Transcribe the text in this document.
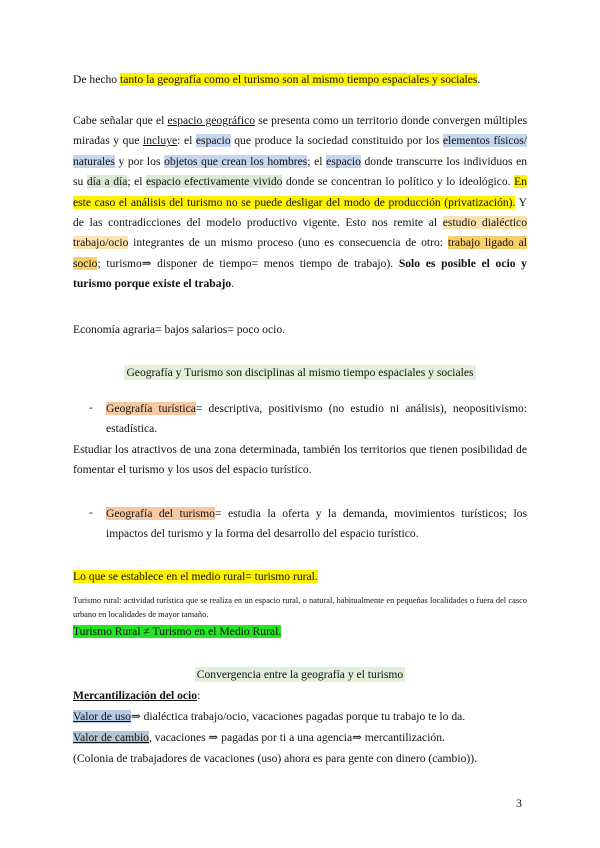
De hecho tanto la geografía como el turismo son al mismo tiempo espaciales y sociales.

Cabe señalar que el espacio geográfico se presenta como un territorio donde convergen múltiples miradas y que incluye: el espacio que produce la sociedad constituido por los elementos físicos/ naturales y por los objetos que crean los hombres; el espacio donde transcurre los individuos en su día a día; el espacio efectivamente vivido donde se concentran lo político y lo ideológico. En este caso el análisis del turismo no se puede desligar del modo de producción (privatización). Y de las contradicciones del modelo productivo vigente. Esto nos remite al estudio dialéctico trabajo/ocio integrantes de un mismo proceso (uno es consecuencia de otro: trabajo ligado al socio; turismo⇒ disponer de tiempo= menos tiempo de trabajo). Solo es posible el ocio y turismo porque existe el trabajo.

Economía agraria= bajos salarios= poco ocio.

Geografía y Turismo son disciplinas al mismo tiempo espaciales y sociales
- Geografía turística= descriptiva, positivismo (no estudio ni análisis), neopositivismo: estadística.

Estudiar los atractivos de una zona determinada, también los territorios que tienen posibilidad de fomentar el turismo y los usos del espacio turístico.

- Geografía del turismo= estudia la oferta y la demanda, movimientos turísticos; los impactos del turismo y la forma del desarrollo del espacio turístico.

Lo que se establece en el medio rural= turismo rural.

Turismo rural: actividad turística que se realiza en un espacio rural, o natural, habitualmente en pequeñas localidades o fuera del casco urbano en localidades de mayor tamaño.

Turismo Rural ≠ Turismo en el Medio Rural.

Convergencia entre la geografía y el turismo

Mercantilización del ocio:

Valor de uso⇒ dialéctica trabajo/ocio, vacaciones pagadas porque tu trabajo te lo da.

Valor de cambio, vacaciones ⇒ pagadas por ti a una agencia⇒ mercantilización.

(Colonia de trabajadores de vacaciones (uso) ahora es para gente con dinero (cambio)).

3
